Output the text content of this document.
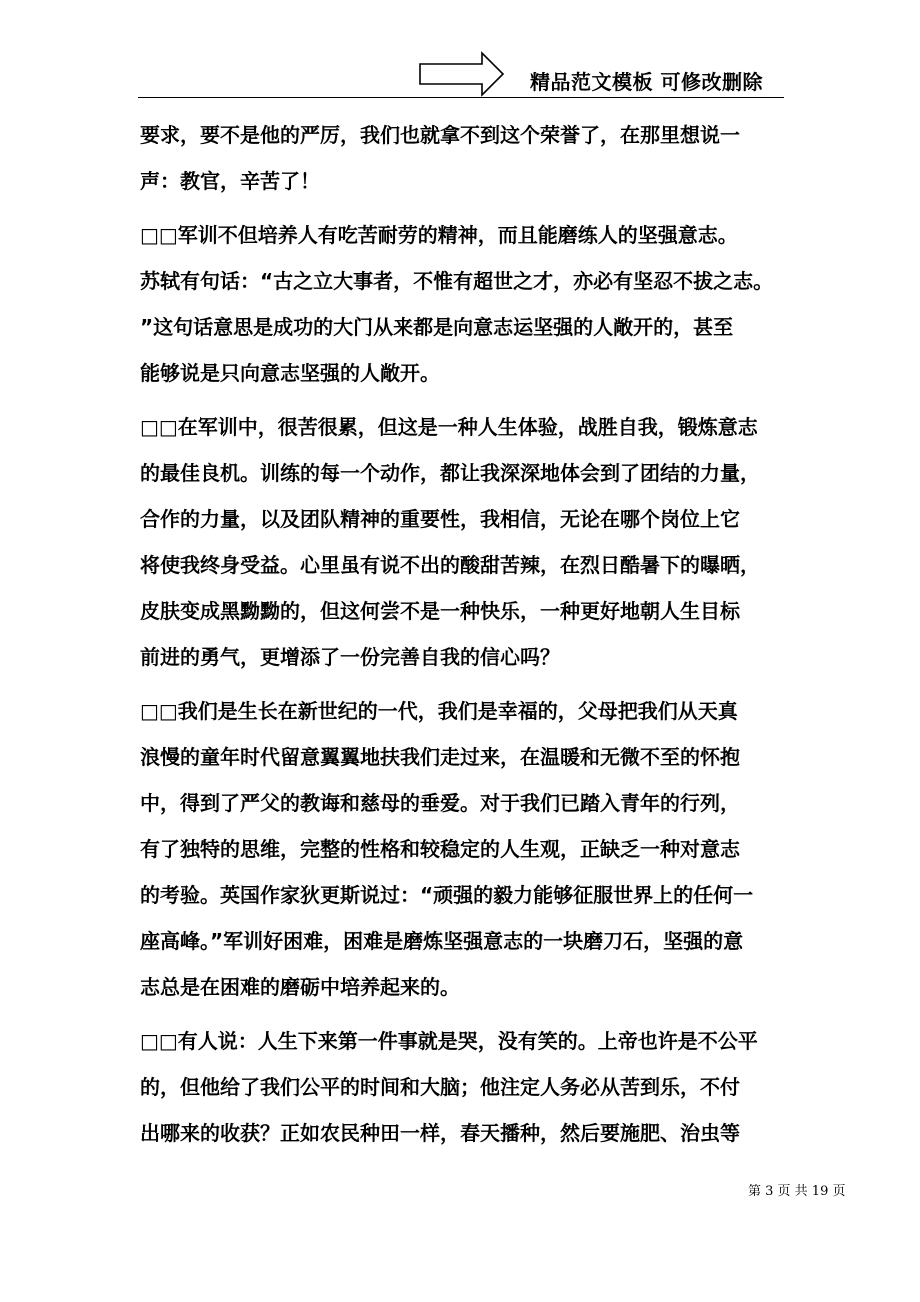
精品范文模板 可修改删除
要求，要不是他的严厉，我们也就拿不到这个荣誉了，在那里想说一
声：教官，辛苦了！
□□军训不但培养人有吃苦耐劳的精神，而且能磨练人的坚强意志。
苏轼有句话：“古之立大事者，不惟有超世之才，亦必有坚忍不拔之志。
”这句话意思是成功的大门从来都是向意志运坚强的人敞开的，甚至
能够说是只向意志坚强的人敞开。
□□在军训中，很苦很累，但这是一种人生体验，战胜自我，锻炼意志
的最佳良机。训练的每一个动作，都让我深深地体会到了团结的力量，
合作的力量，以及团队精神的重要性，我相信，无论在哪个岗位上它
将使我终身受益。心里虽有说不出的酸甜苦辣，在烈日酷暑下的曝晒，
皮肤变成黑黝黝的，但这何尝不是一种快乐，一种更好地朝人生目标
前进的勇气，更增添了一份完善自我的信心吗？
□□我们是生长在新世纪的一代，我们是幸福的，父母把我们从天真
浪慢的童年时代留意翼翼地扶我们走过来，在温暖和无微不至的怀抱
中，得到了严父的教诲和慈母的垂爱。对于我们已踏入青年的行列，
有了独特的思维，完整的性格和较稳定的人生观，正缺乏一种对意志
的考验。英国作家狄更斯说过：“顽强的毅力能够征服世界上的任何一
座高峰。”军训好困难，困难是磨炼坚强意志的一块磨刀石，坚强的意
志总是在困难的磨砺中培养起来的。
□□有人说：人生下来第一件事就是哭，没有笑的。上帝也许是不公平
的，但他给了我们公平的时间和大脑；他注定人务必从苦到乐，不付
出哪来的收获？正如农民种田一样，春天播种，然后要施肥、治虫等
第 3 页 共 19 页
